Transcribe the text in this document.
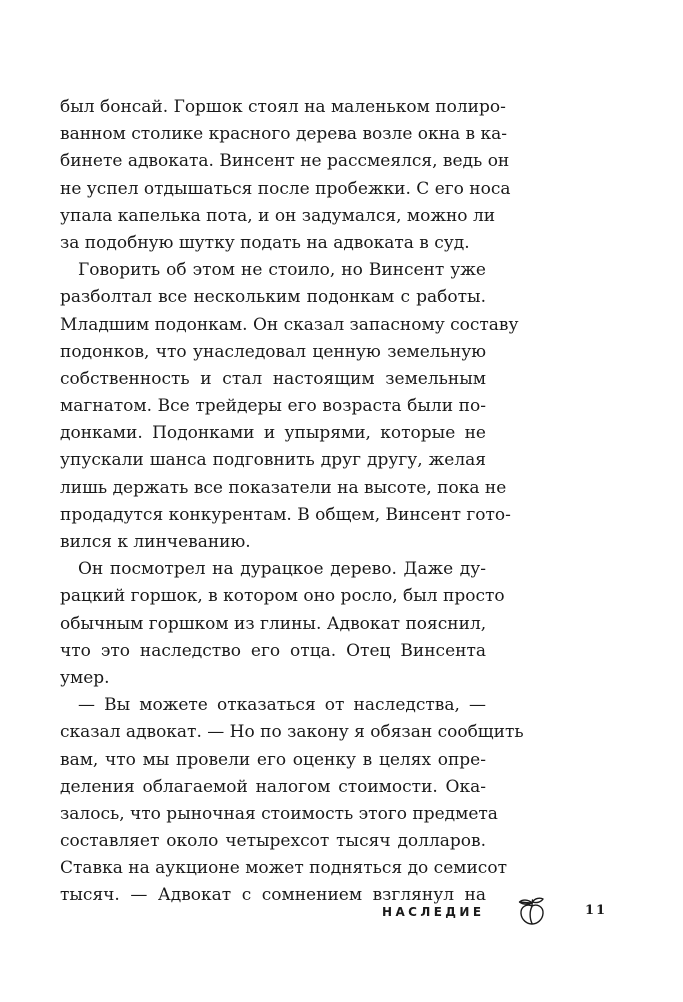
был бонсай. Горшок стоял на маленьком полиро-
ванном столике красного дерева возле окна в ка-
бинете адвоката. Винсент не рассмеялся, ведь он
не успел отдышаться после пробежки. С его носа
упала капелька пота, и он задумался, можно ли
за подобную шутку подать на адвоката в суд.
Говорить об этом не стоило, но Винсент уже
разболтал все нескольким подонкам с работы.
Младшим подонкам. Он сказал запасному составу
подонков, что унаследовал ценную земельную
собственность и стал настоящим земельным
магнатом. Все трейдеры его возраста были по-
донками. Подонками и упырями, которые не
упускали шанса подговнить друг другу, желая
лишь держать все показатели на высоте, пока не
продадутся конкурентам. В общем, Винсент гото-
вился к линчеванию.
Он посмотрел на дурацкое дерево. Даже ду-
рацкий горшок, в котором оно росло, был просто
обычным горшком из глины. Адвокат пояснил,
что это наследство его отца. Отец Винсента
умер.
— Вы можете отказаться от наследства, —
сказал адвокат. — Но по закону я обязан сообщить
вам, что мы провели его оценку в целях опре-
деления облагаемой налогом стоимости. Ока-
залось, что рыночная стоимость этого предмета
составляет около четырехсот тысяч долларов.
Ставка на аукционе может подняться до семисот
тысяч. — Адвокат с сомнением взглянул на
НАСЛЕДИЕ	11
